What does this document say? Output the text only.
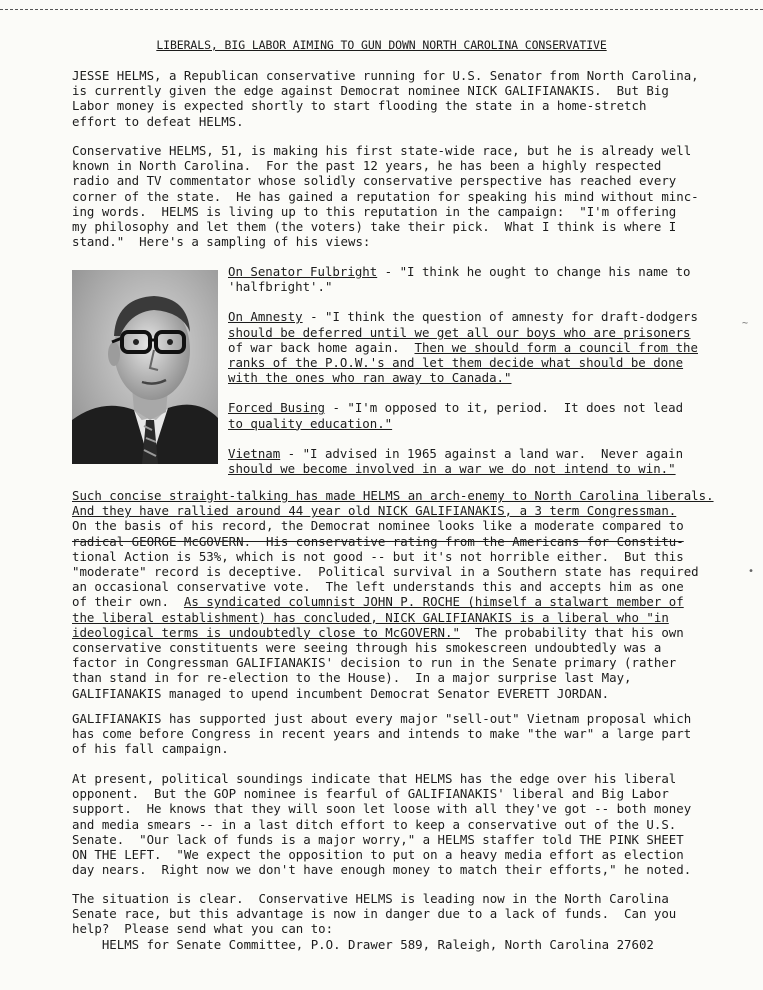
LIBERALS, BIG LABOR AIMING TO GUN DOWN NORTH CAROLINA CONSERVATIVE
JESSE HELMS, a Republican conservative running for U.S. Senator from North Carolina,
is currently given the edge against Democrat nominee NICK GALIFIANAKIS.  But Big
Labor money is expected shortly to start flooding the state in a home-stretch
effort to defeat HELMS.
Conservative HELMS, 51, is making his first state-wide race, but he is already well
known in North Carolina.  For the past 12 years, he has been a highly respected
radio and TV commentator whose solidly conservative perspective has reached every
corner of the state.  He has gained a reputation for speaking his mind without minc-
ing words.  HELMS is living up to this reputation in the campaign:  "I'm offering
my philosophy and let them (the voters) take their pick.  What I think is where I
stand."  Here's a sampling of his views:
On Senator Fulbright - "I think he ought to change his name to
'halfbright'."
On Amnesty - "I think the question of amnesty for draft-dodgers
should be deferred until we get all our boys who are prisoners
of war back home again.  Then we should form a council from the
ranks of the P.O.W.'s and let them decide what should be done
with the ones who ran away to Canada."
Forced Busing - "I'm opposed to it, period.  It does not lead
to quality education."
Vietnam - "I advised in 1965 against a land war.  Never again
should we become involved in a war we do not intend to win."
Such concise straight-talking has made HELMS an arch-enemy to North Carolina liberals.
And they have rallied around 44 year old NICK GALIFIANAKIS, a 3 term Congressman.
On the basis of his record, the Democrat nominee looks like a moderate compared to
radical GEORGE McGOVERN.  His conservative rating from the Americans for Constitu-
tional Action is 53%, which is not good -- but it's not horrible either.  But this
"moderate" record is deceptive.  Political survival in a Southern state has required
an occasional conservative vote.  The left understands this and accepts him as one
of their own.  As syndicated columnist JOHN P. ROCHE (himself a stalwart member of
the liberal establishment) has concluded, NICK GALIFIANAKIS is a liberal who "in
ideological terms is undoubtedly close to McGOVERN."  The probability that his own
conservative constituents were seeing through his smokescreen undoubtedly was a
factor in Congressman GALIFIANAKIS' decision to run in the Senate primary (rather
than stand in for re-election to the House).  In a major surprise last May,
GALIFIANAKIS managed to upend incumbent Democrat Senator EVERETT JORDAN.
GALIFIANAKIS has supported just about every major "sell-out" Vietnam proposal which
has come before Congress in recent years and intends to make "the war" a large part
of his fall campaign.
At present, political soundings indicate that HELMS has the edge over his liberal
opponent.  But the GOP nominee is fearful of GALIFIANAKIS' liberal and Big Labor
support.  He knows that they will soon let loose with all they've got -- both money
and media smears -- in a last ditch effort to keep a conservative out of the U.S.
Senate.  "Our lack of funds is a major worry," a HELMS staffer told THE PINK SHEET
ON THE LEFT.  "We expect the opposition to put on a heavy media effort as election
day nears.  Right now we don't have enough money to match their efforts," he noted.
The situation is clear.  Conservative HELMS is leading now in the North Carolina
Senate race, but this advantage is now in danger due to a lack of funds.  Can you
help?  Please send what you can to:
HELMS for Senate Committee, P.O. Drawer 589, Raleigh, North Carolina 27602
~
•
